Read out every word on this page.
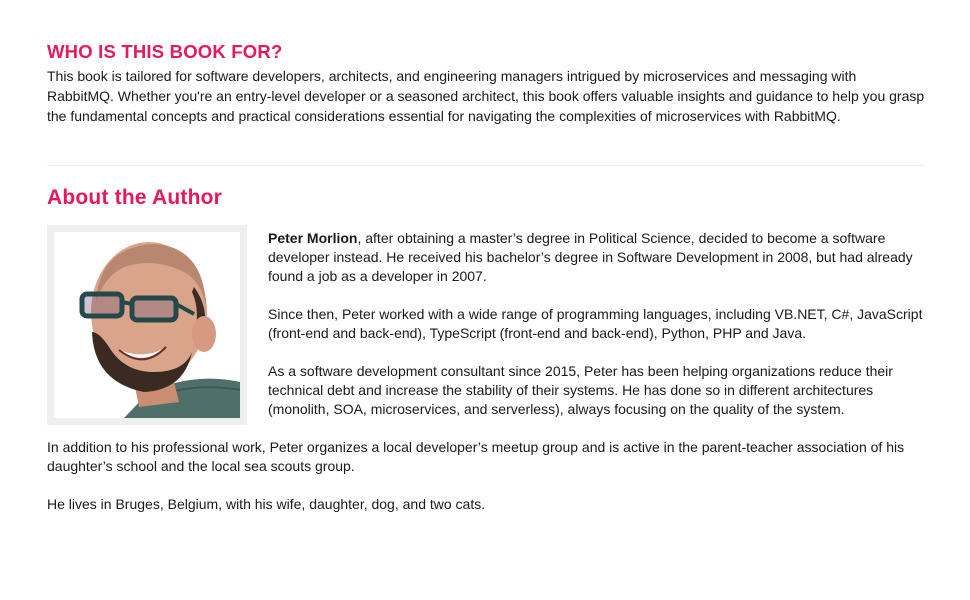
WHO IS THIS BOOK FOR?

This book is tailored for software developers, architects, and engineering managers intrigued by microservices and messaging with RabbitMQ. Whether you're an entry-level developer or a seasoned architect, this book offers valuable insights and guidance to help you grasp the fundamental concepts and practical considerations essential for navigating the complexities of microservices with RabbitMQ.

About the Author

Peter Morlion, after obtaining a master’s degree in Political Science, decided to become a software developer instead. He received his bachelor’s degree in Software Development in 2008, but had already found a job as a developer in 2007.

Since then, Peter worked with a wide range of programming languages, including VB.NET, C#, JavaScript (front-end and back-end), TypeScript (front-end and back-end), Python, PHP and Java.

As a software development consultant since 2015, Peter has been helping organizations reduce their technical debt and increase the stability of their systems. He has done so in different architectures (monolith, SOA, microservices, and serverless), always focusing on the quality of the system.

In addition to his professional work, Peter organizes a local developer’s meetup group and is active in the parent-teacher association of his daughter’s school and the local sea scouts group.

He lives in Bruges, Belgium, with his wife, daughter, dog, and two cats.
